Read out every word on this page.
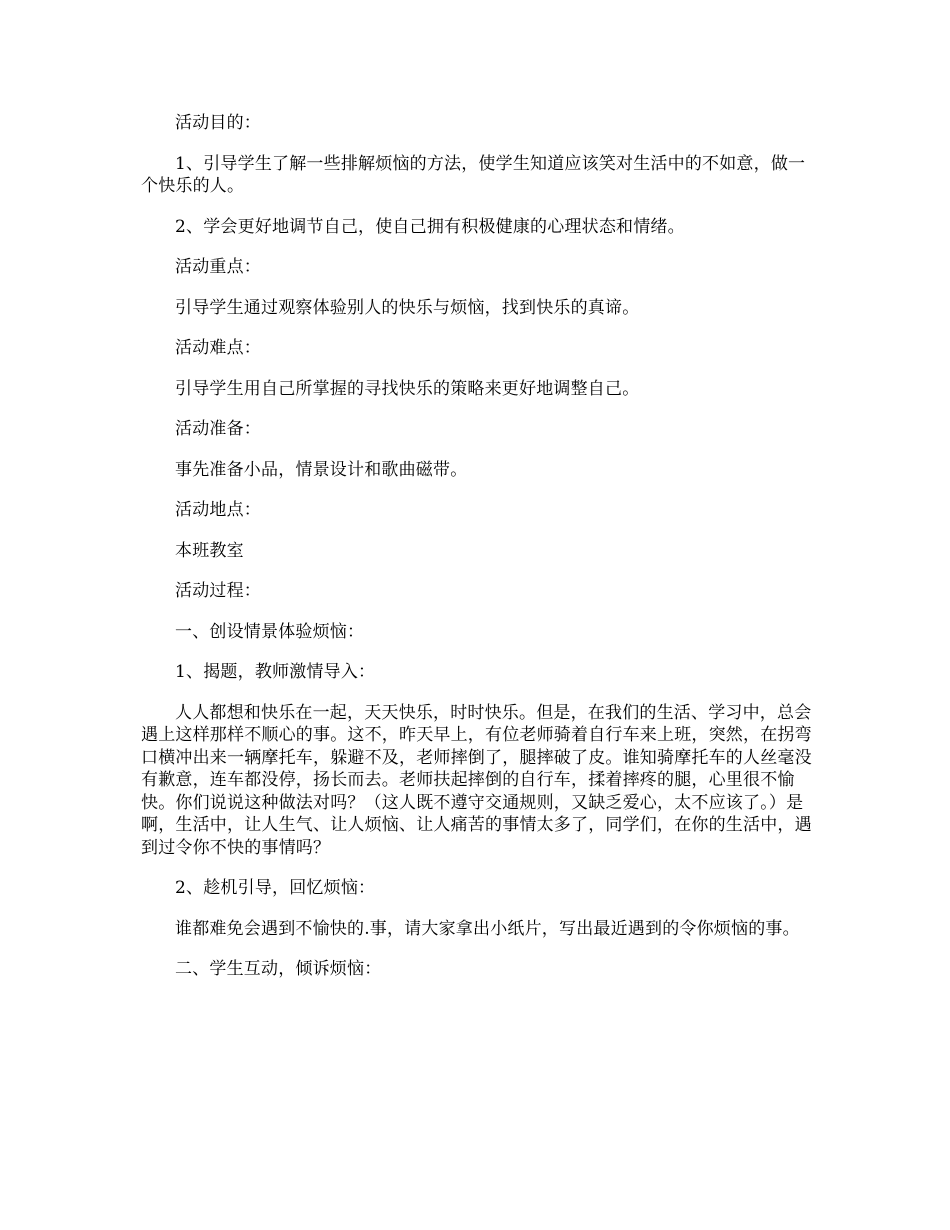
活动目的：

1、引导学生了解一些排解烦恼的方法，使学生知道应该笑对生活中的不如意，做一个快乐的人。

2、学会更好地调节自己，使自己拥有积极健康的心理状态和情绪。

活动重点：

引导学生通过观察体验别人的快乐与烦恼，找到快乐的真谛。

活动难点：

引导学生用自己所掌握的寻找快乐的策略来更好地调整自己。

活动准备：

事先准备小品，情景设计和歌曲磁带。

活动地点：

本班教室

活动过程：

一、创设情景体验烦恼：

1、揭题，教师激情导入：

人人都想和快乐在一起，天天快乐，时时快乐。但是，在我们的生活、学习中，总会遇上这样那样不顺心的事。这不，昨天早上，有位老师骑着自行车来上班，突然，在拐弯口横冲出来一辆摩托车，躲避不及，老师摔倒了，腿摔破了皮。谁知骑摩托车的人丝毫没有歉意，连车都没停，扬长而去。老师扶起摔倒的自行车，揉着摔疼的腿，心里很不愉快。你们说说这种做法对吗？（这人既不遵守交通规则，又缺乏爱心，太不应该了。）是啊，生活中，让人生气、让人烦恼、让人痛苦的事情太多了，同学们，在你的生活中，遇到过令你不快的事情吗？

2、趁机引导，回忆烦恼：

谁都难免会遇到不愉快的.事，请大家拿出小纸片，写出最近遇到的令你烦恼的事。

二、学生互动，倾诉烦恼：
